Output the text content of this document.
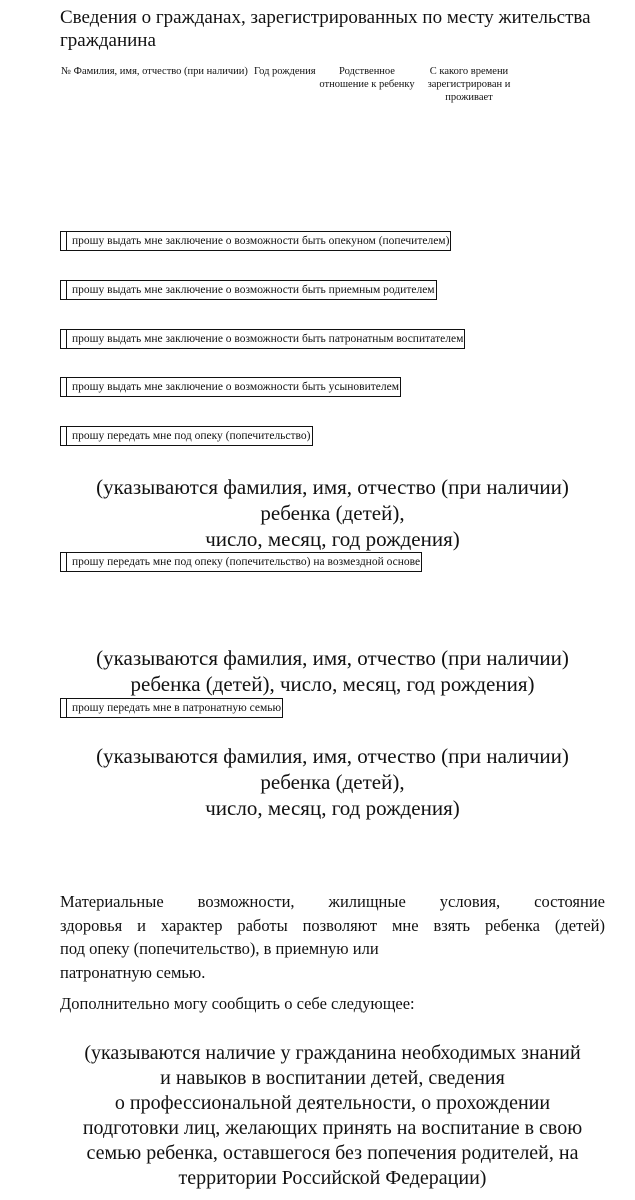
Сведения о гражданах, зарегистрированных по месту жительства гражданина
№ Фамилия, имя, отчество (при наличии) Год рождения	Родственное
отношение к ребенку
С какого времени
зарегистрирован и
проживает
прошу выдать мне заключение о возможности быть опекуном (попечителем)
прошу выдать мне заключение о возможности быть приемным родителем
прошу выдать мне заключение о возможности быть патронатным воспитателем
прошу выдать мне заключение о возможности быть усыновителем
прошу передать мне под опеку (попечительство)
(указываются фамилия, имя, отчество (при наличии)
ребенка (детей),
число, месяц, год рождения)
прошу передать мне под опеку (попечительство) на возмездной основе
(указываются фамилия, имя, отчество (при наличии)
ребенка (детей), число, месяц, год рождения)
прошу передать мне в патронатную семью
(указываются фамилия, имя, отчество (при наличии)
ребенка (детей),
число, месяц, год рождения)
Материальные возможности, жилищные условия, состояние
здоровья и характер работы позволяют мне взять ребенка (детей)
под опеку (попечительство), в приемную или
патронатную семью.
Дополнительно могу сообщить о себе следующее:
(указываются наличие у гражданина необходимых знаний
и навыков в воспитании детей, сведения
о профессиональной деятельности, о прохождении
подготовки лиц, желающих принять на воспитание в свою
семью ребенка, оставшегося без попечения родителей, на
территории Российской Федерации)
